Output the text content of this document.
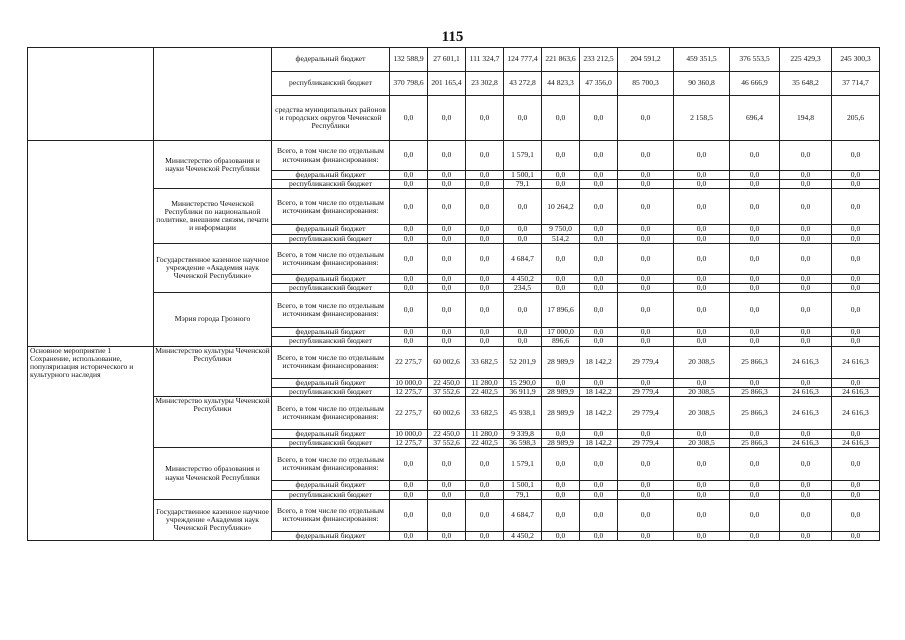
115
		федеральный бюджет	132 588,9	27 601,1	111 324,7	124 777,4	221 863,6	233 212,5	204 591,2	459 351,5	376 553,5	225 429,3	245 300,3
		республиканский бюджет	370 798,6	201 165,4	23 302,8	43 272,8	44 823,3	47 356,0	85 700,3	90 360,8	46 666,9	35 648,2	37 714,7
		средства муниципальных районов и городских округов Чеченской Республики	0,0	0,0	0,0	0,0	0,0	0,0	0,0	2 158,5	696,4	194,8	205,6
	Министерство образования и науки Чеченской Республики	Всего, в том числе по отдельным источникам финансирования:	0,0	0,0	0,0	1 579,1	0,0	0,0	0,0	0,0	0,0	0,0	0,0
		федеральный бюджет	0,0	0,0	0,0	1 500,1	0,0	0,0	0,0	0,0	0,0	0,0	0,0
		республиканский бюджет	0,0	0,0	0,0	79,1	0,0	0,0	0,0	0,0	0,0	0,0	0,0
	Министерство Чеченской Республики по национальной политике, внешним связям, печати и информации	Всего, в том числе по отдельным источникам финансирования:	0,0	0,0	0,0	0,0	10 264,2	0,0	0,0	0,0	0,0	0,0	0,0
		федеральный бюджет	0,0	0,0	0,0	0,0	9 750,0	0,0	0,0	0,0	0,0	0,0	0,0
		республиканский бюджет	0,0	0,0	0,0	0,0	514,2	0,0	0,0	0,0	0,0	0,0	0,0
	Государственное казенное научное учреждение «Академия наук Чеченской Республики»	Всего, в том числе по отдельным источникам финансирования:	0,0	0,0	0,0	4 684,7	0,0	0,0	0,0	0,0	0,0	0,0	0,0
		федеральный бюджет	0,0	0,0	0,0	4 450,2	0,0	0,0	0,0	0,0	0,0	0,0	0,0
		республиканский бюджет	0,0	0,0	0,0	234,5	0,0	0,0	0,0	0,0	0,0	0,0	0,0
	Мэрия города Грозного	Всего, в том числе по отдельным источникам финансирования:	0,0	0,0	0,0	0,0	17 896,6	0,0	0,0	0,0	0,0	0,0	0,0
		федеральный бюджет	0,0	0,0	0,0	0,0	17 000,0	0,0	0,0	0,0	0,0	0,0	0,0
		республиканский бюджет	0,0	0,0	0,0	0,0	896,6	0,0	0,0	0,0	0,0	0,0	0,0
Основное мероприятие 1 Сохранение, использование, популяризация исторического и культурного наследия	Министерство культуры Чеченской Республики	Всего, в том числе по отдельным источникам финансирования:	22 275,7	60 002,6	33 682,5	52 201,9	28 989,9	18 142,2	29 779,4	20 308,5	25 866,3	24 616,3	24 616,3
		федеральный бюджет	10 000,0	22 450,0	11 280,0	15 290,0	0,0	0,0	0,0	0,0	0,0	0,0	0,0
		республиканский бюджет	12 275,7	37 552,6	22 402,5	36 911,9	28 989,9	18 142,2	29 779,4	20 308,5	25 866,3	24 616,3	24 616,3
	Министерство культуры Чеченской Республики	Всего, в том числе по отдельным источникам финансирования:	22 275,7	60 002,6	33 682,5	45 938,1	28 989,9	18 142,2	29 779,4	20 308,5	25 866,3	24 616,3	24 616,3
		федеральный бюджет	10 000,0	22 450,0	11 280,0	9 339,8	0,0	0,0	0,0	0,0	0,0	0,0	0,0
		республиканский бюджет	12 275,7	37 552,6	22 402,5	36 598,3	28 989,9	18 142,2	29 779,4	20 308,5	25 866,3	24 616,3	24 616,3
	Министерство образования и науки Чеченской Республики	Всего, в том числе по отдельным источникам финансирования:	0,0	0,0	0,0	1 579,1	0,0	0,0	0,0	0,0	0,0	0,0	0,0
		федеральный бюджет	0,0	0,0	0,0	1 500,1	0,0	0,0	0,0	0,0	0,0	0,0	0,0
		республиканский бюджет	0,0	0,0	0,0	79,1	0,0	0,0	0,0	0,0	0,0	0,0	0,0
	Государственное казенное научное учреждение «Академия наук Чеченской Республики»	Всего, в том числе по отдельным источникам финансирования:	0,0	0,0	0,0	4 684,7	0,0	0,0	0,0	0,0	0,0	0,0	0,0
		федеральный бюджет	0,0	0,0	0,0	4 450,2	0,0	0,0	0,0	0,0	0,0	0,0	0,0
